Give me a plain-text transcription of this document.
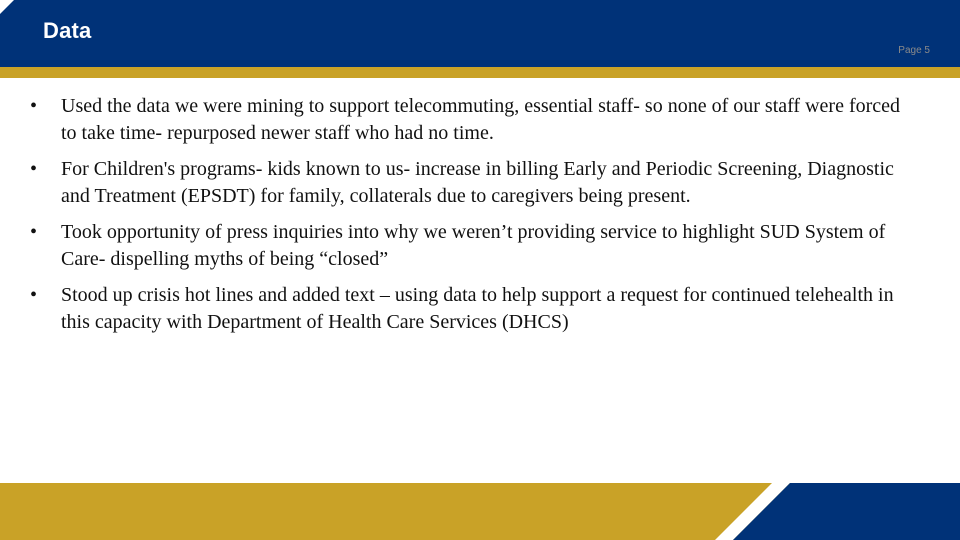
Data
Page 5
•	Used the data we were mining to support telecommuting, essential staff- so none of our staff were forced to take time- repurposed newer staff who had no time.
•	For Children's programs- kids known to us- increase in billing Early and Periodic Screening, Diagnostic and Treatment (EPSDT) for family, collaterals due to caregivers being present.
•	Took opportunity of press inquiries into why we weren’t providing service to highlight SUD System of Care- dispelling myths of being “closed”
•	Stood up crisis hot lines and added text – using data to help support a request for continued telehealth in this capacity with Department of Health Care Services (DHCS)
